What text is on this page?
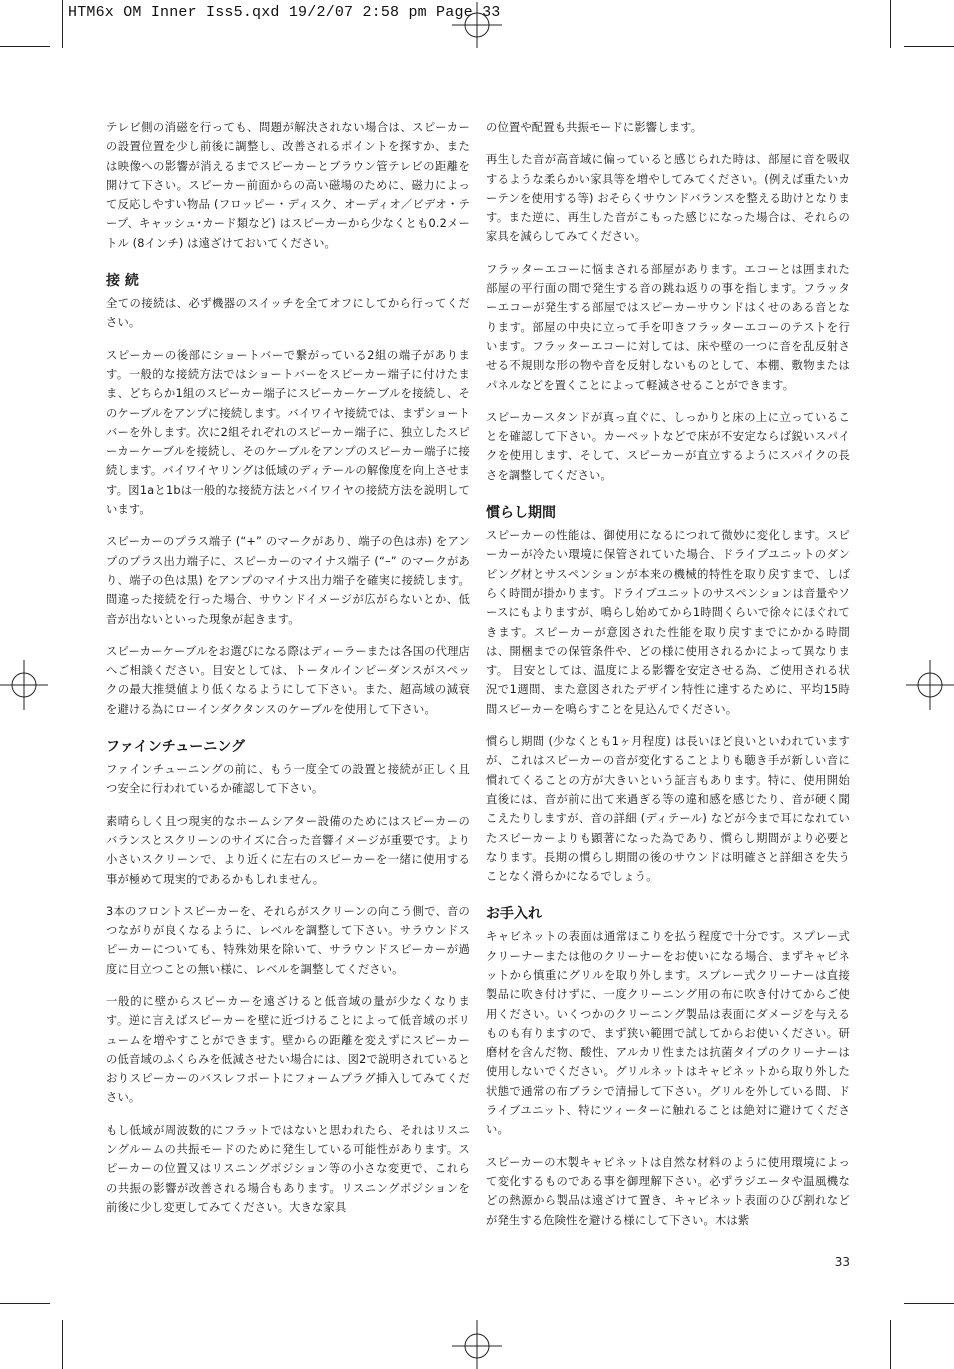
HTM6x OM Inner Iss5.qxd 19/2/07 2:58 pm Page 33

テレビ側の消磁を行っても、問題が解決されない場合は、スピーカーの設置位置を少し前後に調整し、改善されるポイントを探すか、または映像への影響が消えるまでスピーカーとブラウン管テレビの距離を開けて下さい。スピーカー前面からの高い磁場のために、磁力によって反応しやすい物品 (フロッピー・ディスク、オーディオ／ビデオ・テープ、キャッシュ･カード類など) はスピーカーから少なくとも0.2メートル (8インチ) は遠ざけておいてください。

接 続

全ての接続は、必ず機器のスイッチを全てオフにしてから行ってください。

スピーカーの後部にショートバーで繋がっている2組の端子があります。一般的な接続方法ではショートバーをスピーカー端子に付けたまま、どちらか1組のスピーカー端子にスピーカーケーブルを接続し、そのケーブルをアンプに接続します。バイワイヤ接続では、まずショートバーを外します。次に2組それぞれのスピーカー端子に、独立したスピーカーケーブルを接続し、そのケーブルをアンプのスピーカー端子に接続します。バイワイヤリングは低域のディテールの解像度を向上させます。図1aと1bは一般的な接続方法とバイワイヤの接続方法を説明しています。

スピーカーのプラス端子 (“+” のマークがあり、端子の色は赤) をアンプのプラス出力端子に、スピーカーのマイナス端子 (“–” のマークがあり、端子の色は黒) をアンプのマイナス出力端子を確実に接続します。間違った接続を行った場合、サウンドイメージが広がらないとか、低音が出ないといった現象が起きます。

スピーカーケーブルをお選びになる際はディーラーまたは各国の代理店へご相談ください。目安としては、トータルインピーダンスがスペックの最大推奨値より低くなるようにして下さい。また、超高域の減衰を避ける為にローインダクタンスのケーブルを使用して下さい。

ファインチューニング

ファインチューニングの前に、もう一度全ての設置と接続が正しく且つ安全に行われているか確認して下さい。

素晴らしく且つ現実的なホームシアター設備のためにはスピーカーのバランスとスクリーンのサイズに合った音響イメージが重要です。より小さいスクリーンで、より近くに左右のスピーカーを一緒に使用する事が極めて現実的であるかもしれません。

3本のフロントスピーカーを、それらがスクリーンの向こう側で、音のつながりが良くなるように、レベルを調整して下さい。サラウンドスピーカーについても、特殊効果を除いて、サラウンドスピーカーが過度に目立つことの無い様に、レベルを調整してください。

一般的に壁からスピーカーを遠ざけると低音域の量が少なくなります。逆に言えばスピーカーを壁に近づけることによって低音域のボリュームを増やすことができます。壁からの距離を変えずにスピーカーの低音域のふくらみを低減させたい場合には、図2で説明されているとおりスピーカーのバスレフポートにフォームプラグ挿入してみてください。

もし低域が周波数的にフラットではないと思われたら、それはリスニングルームの共振モードのために発生している可能性があります。スピーカーの位置又はリスニングポジション等の小さな変更で、これらの共振の影響が改善される場合もあります。リスニングポジションを前後に少し変更してみてください。大きな家具

の位置や配置も共振モードに影響します。

再生した音が高音域に偏っていると感じられた時は、部屋に音を吸収するような柔らかい家具等を増やしてみてください。(例えば重たいカーテンを使用する等) おそらくサウンドバランスを整える助けとなります。また逆に、再生した音がこもった感じになった場合は、それらの家具を減らしてみてください。

フラッターエコーに悩まされる部屋があります。エコーとは囲まれた部屋の平行面の間で発生する音の跳ね返りの事を指します。フラッターエコーが発生する部屋ではスピーカーサウンドはくせのある音となります。部屋の中央に立って手を叩きフラッターエコーのテストを行います。フラッターエコーに対しては、床や壁の一つに音を乱反射させる不規則な形の物や音を反射しないものとして、本棚、敷物またはパネルなどを置くことによって軽減させることができます。

スピーカースタンドが真っ直ぐに、しっかりと床の上に立っていることを確認して下さい。カーペットなどで床が不安定ならば鋭いスパイクを使用します、そして、スピーカーが直立するようにスパイクの長さを調整してください。

慣らし期間

スピーカーの性能は、御使用になるにつれて微妙に変化します。スピーカーが冷たい環境に保管されていた場合、ドライブユニットのダンピング材とサスペンションが本来の機械的特性を取り戻すまで、しばらく時間が掛かります。ドライブユニットのサスペンションは音量やソースにもよりますが、鳴らし始めてから1時間くらいで徐々にほぐれてきます。スピーカーが意図された性能を取り戻すまでにかかる時間は、開梱までの保管条件や、どの様に使用されるかによって異なります。 目安としては、温度による影響を安定させる為、ご使用される状況で1週間、また意図されたデザイン特性に達するために、平均15時間スピーカーを鳴らすことを見込んでください。

慣らし期間 (少なくとも1ヶ月程度) は長いほど良いといわれていますが、これはスピーカーの音が変化することよりも聴き手が新しい音に慣れてくることの方が大きいという証言もあります。特に、使用開始直後には、音が前に出て来過ぎる等の違和感を感じたり、音が硬く聞こえたりしますが、音の詳細 (ディテール) などが今まで耳になれていたスピーカーよりも顕著になった為であり、慣らし期間がより必要となります。長期の慣らし期間の後のサウンドは明確さと詳細さを失うことなく滑らかになるでしょう。

お手入れ

キャビネットの表面は通常ほこりを払う程度で十分です。スプレー式クリーナーまたは他のクリーナーをお使いになる場合、まずキャビネットから慎重にグリルを取り外します。スプレー式クリーナーは直接製品に吹き付けずに、一度クリーニング用の布に吹き付けてからご使用ください。いくつかのクリーニング製品は表面にダメージを与えるものも有りますので、まず狭い範囲で試してからお使いください。研磨材を含んだ物、酸性、アルカリ性または抗菌タイプのクリーナーは使用しないでください。グリルネットはキャビネットから取り外した状態で通常の布ブラシで清掃して下さい。グリルを外している間、ドライブユニット、特にツィーターに触れることは絶対に避けてください。

スピーカーの木製キャビネットは自然な材料のように使用環境によって変化するものである事を御理解下さい。必ずラジエータや温風機などの熱源から製品は遠ざけて置き、キャビネット表面のひび割れなどが発生する危険性を避ける様にして下さい。木は紫

33
